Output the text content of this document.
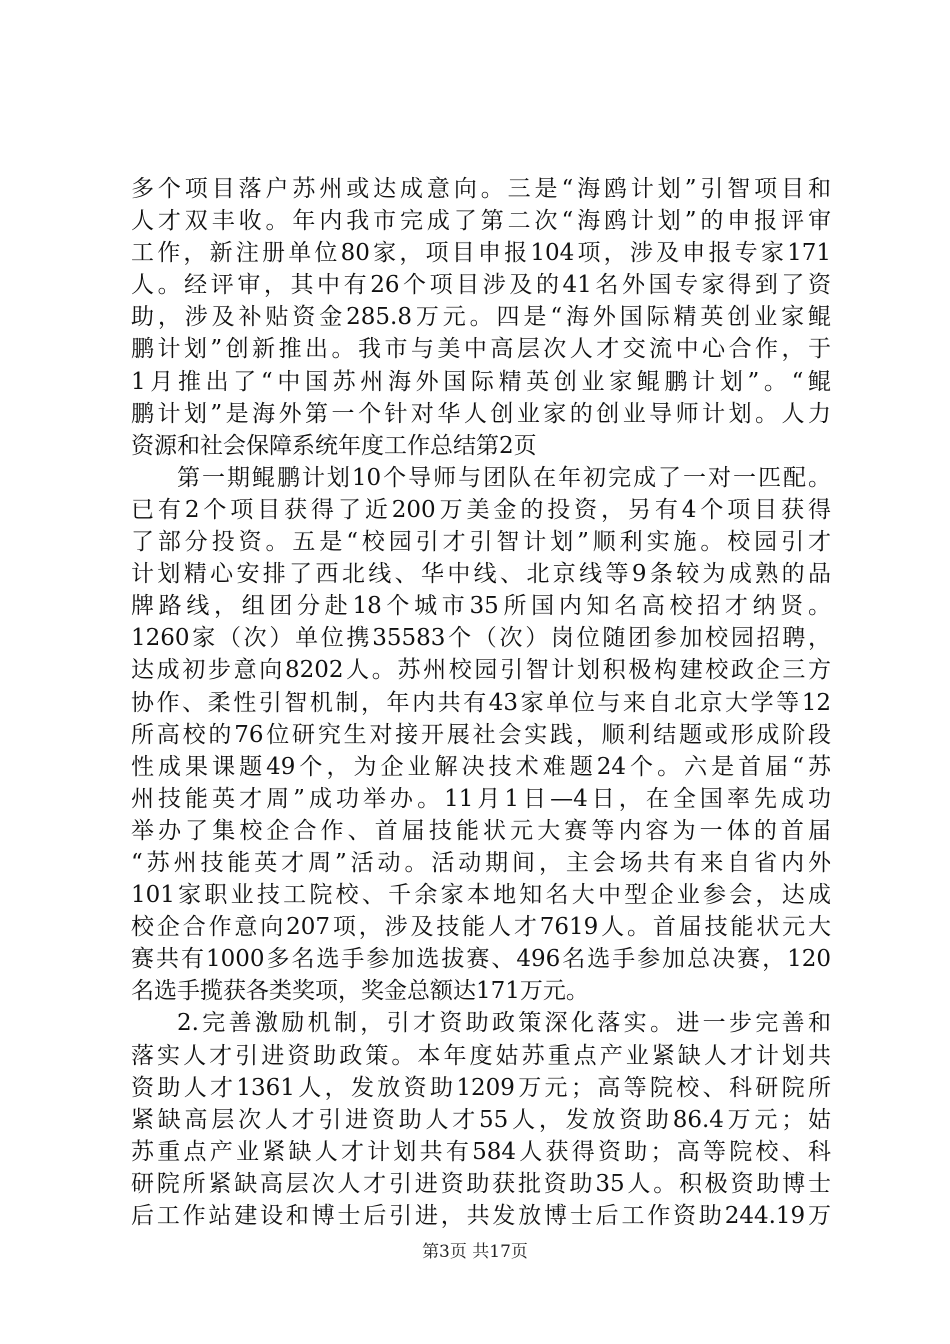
多个项目落户苏州或达成意向。三是“海鸥计划”引智项目和
人才双丰收。年内我市完成了第二次“海鸥计划”的申报评审
工作，新注册单位80家，项目申报104项，涉及申报专家171
人。经评审，其中有26个项目涉及的41名外国专家得到了资
助，涉及补贴资金285.8万元。四是“海外国际精英创业家鲲
鹏计划”创新推出。我市与美中高层次人才交流中心合作，于
1月推出了“中国苏州海外国际精英创业家鲲鹏计划”。“鲲
鹏计划”是海外第一个针对华人创业家的创业导师计划。人力
资源和社会保障系统年度工作总结第2页
第一期鲲鹏计划10个导师与团队在年初完成了一对一匹配。
已有2个项目获得了近200万美金的投资，另有4个项目获得
了部分投资。五是“校园引才引智计划”顺利实施。校园引才
计划精心安排了西北线、华中线、北京线等9条较为成熟的品
牌路线，组团分赴18个城市35所国内知名高校招才纳贤。
1260家（次）单位携35583个（次）岗位随团参加校园招聘，
达成初步意向8202人。苏州校园引智计划积极构建校政企三方
协作、柔性引智机制，年内共有43家单位与来自北京大学等12
所高校的76位研究生对接开展社会实践，顺利结题或形成阶段
性成果课题49个，为企业解决技术难题24个。六是首届“苏
州技能英才周”成功举办。11月1日—4日，在全国率先成功
举办了集校企合作、首届技能状元大赛等内容为一体的首届
“苏州技能英才周”活动。活动期间，主会场共有来自省内外
101家职业技工院校、千余家本地知名大中型企业参会，达成
校企合作意向207项，涉及技能人才7619人。首届技能状元大
赛共有1000多名选手参加选拔赛、496名选手参加总决赛，120
名选手揽获各类奖项，奖金总额达171万元。
2.完善激励机制，引才资助政策深化落实。进一步完善和
落实人才引进资助政策。本年度姑苏重点产业紧缺人才计划共
资助人才1361人，发放资助1209万元；高等院校、科研院所
紧缺高层次人才引进资助人才55人，发放资助86.4万元；姑
苏重点产业紧缺人才计划共有584人获得资助；高等院校、科
研院所紧缺高层次人才引进资助获批资助35人。积极资助博士
后工作站建设和博士后引进，共发放博士后工作资助244.19万
第3页 共17页
